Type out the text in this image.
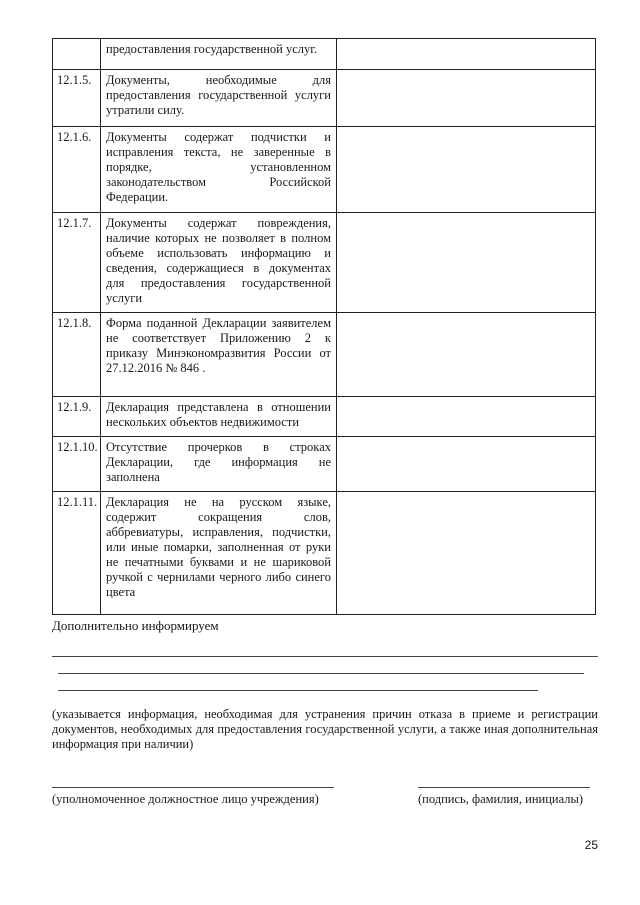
	предоставления государственной услуг.	
12.1.5.	Документы, необходимые для предоставления государственной услуги утратили силу.	
12.1.6.	Документы содержат подчистки и исправления текста, не заверенные в порядке, установленном законодательством Российской Федерации.	
12.1.7.	Документы содержат повреждения, наличие которых не позволяет в полном объеме использовать информацию и сведения, содержащиеся в документах для предоставления государственной услуги	
12.1.8.	Форма поданной Декларации заявителем не соответствует Приложению 2 к приказу Минэкономразвития России от 27.12.2016 № 846 .	
12.1.9.	Декларация представлена в отношении нескольких объектов недвижимости	
12.1.10.	Отсутствие прочерков в строках Декларации, где информация не заполнена	
12.1.11.	Декларация не на русском языке, содержит сокращения слов, аббревиатуры, исправления, подчистки, или иные помарки, заполненная от руки не печатными буквами и не шариковой ручкой с чернилами черного либо синего цвета	
Дополнительно информируем
(указывается информация, необходимая для устранения причин отказа в приеме и регистрации документов, необходимых для предоставления государственной услуги, а также иная дополнительная информация при наличии)
(уполномоченное должностное лицо учреждения)	(подпись, фамилия, инициалы)
25
